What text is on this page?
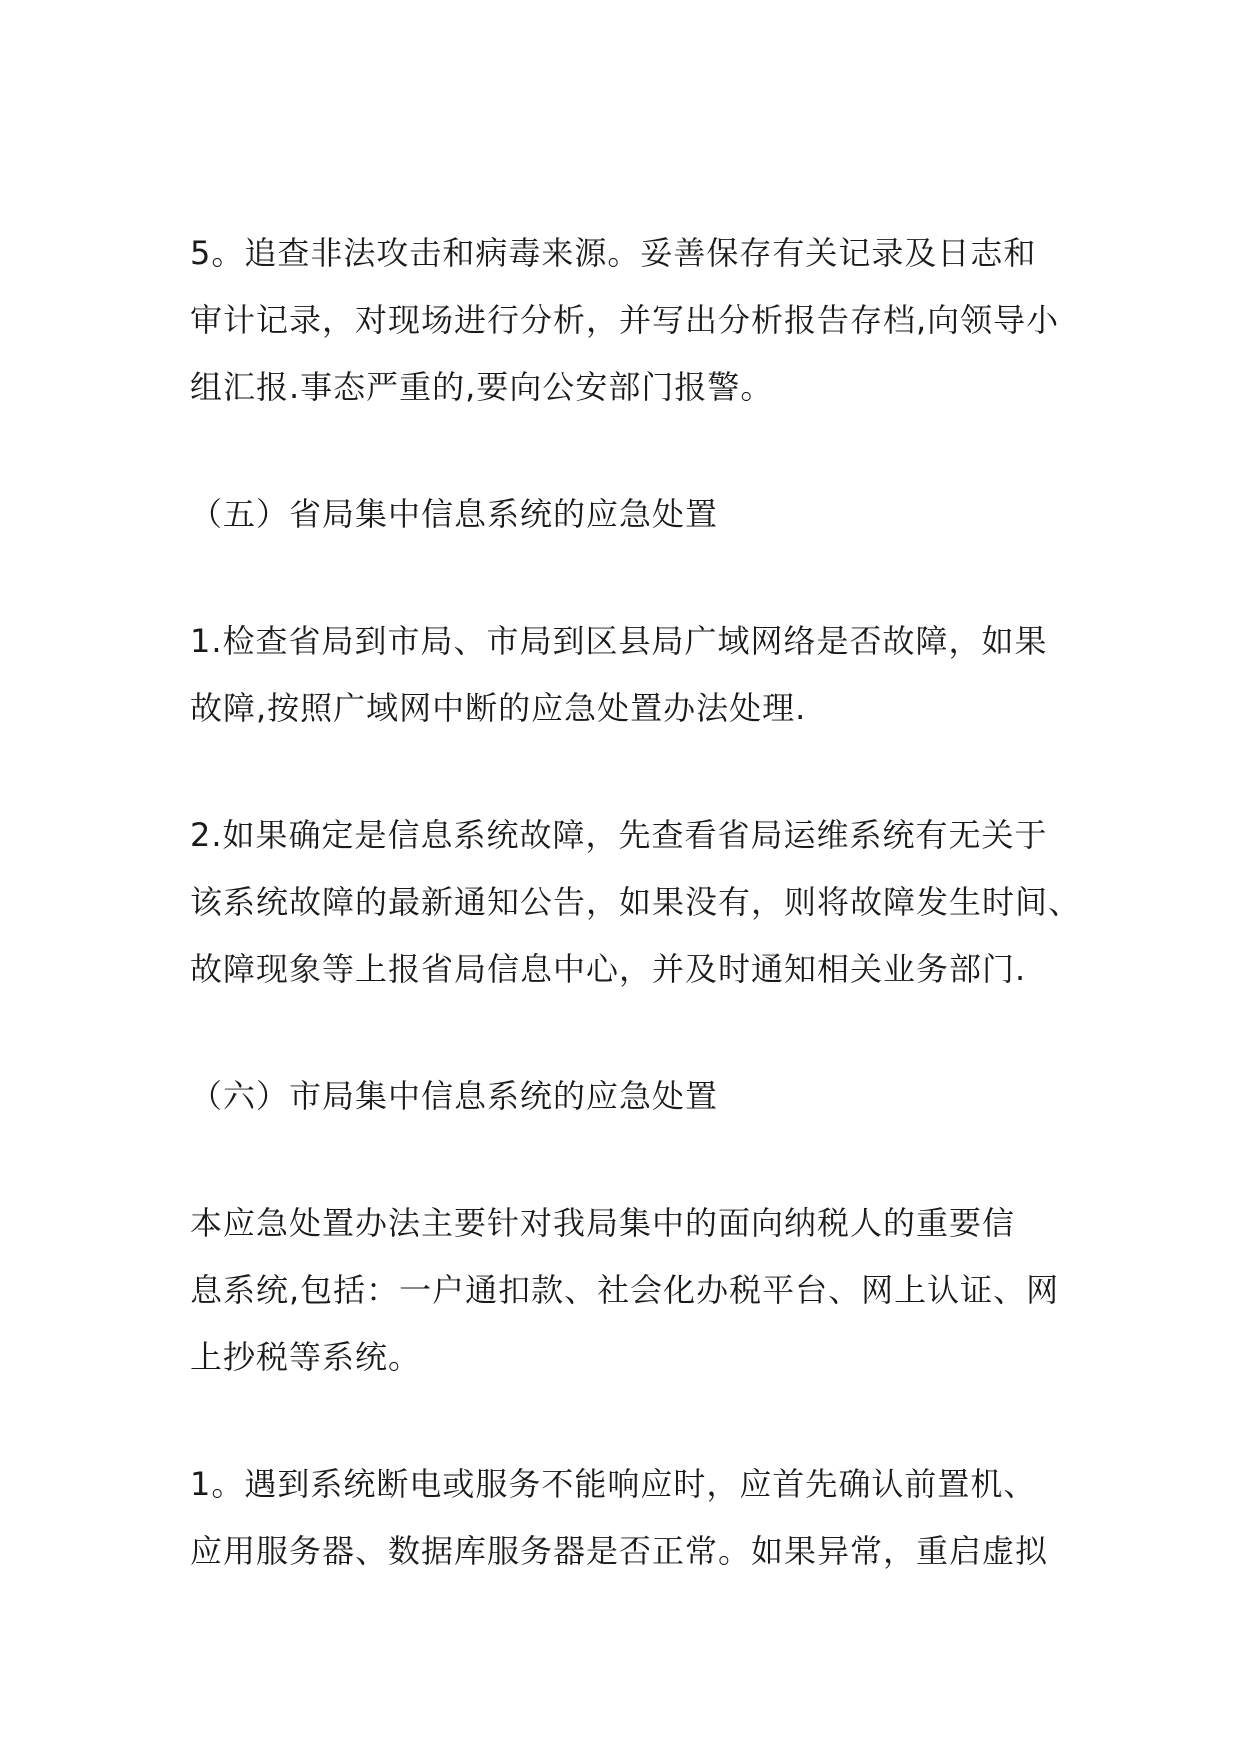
5。追查非法攻击和病毒来源。妥善保存有关记录及日志和
审计记录，对现场进行分析，并写出分析报告存档,向领导小
组汇报.事态严重的,要向公安部门报警。
（五）省局集中信息系统的应急处置
1.检查省局到市局、市局到区县局广域网络是否故障，如果
故障,按照广域网中断的应急处置办法处理.
2.如果确定是信息系统故障，先查看省局运维系统有无关于
该系统故障的最新通知公告，如果没有，则将故障发生时间、
故障现象等上报省局信息中心，并及时通知相关业务部门.
（六）市局集中信息系统的应急处置
本应急处置办法主要针对我局集中的面向纳税人的重要信
息系统,包括：一户通扣款、社会化办税平台、网上认证、网
上抄税等系统。
1。遇到系统断电或服务不能响应时，应首先确认前置机、
应用服务器、数据库服务器是否正常。如果异常，重启虚拟
